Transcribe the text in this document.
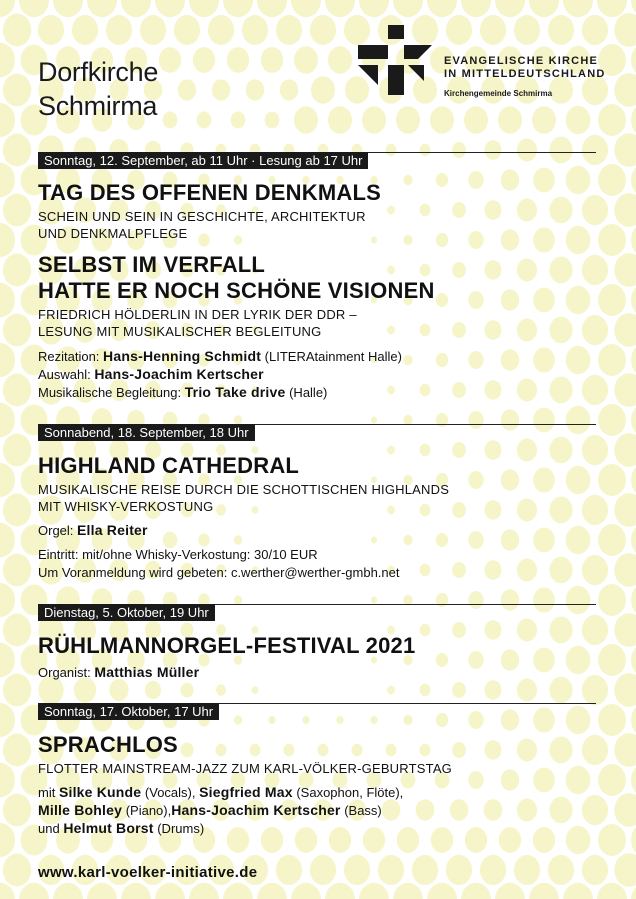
Dorfkirche
Schmirma
EVANGELISCHE KIRCHE
IN MITTELDEUTSCHLAND
Kirchengemeinde Schmirma
Sonntag, 12. September, ab 11 Uhr · Lesung ab 17 Uhr
TAG DES OFFENEN DENKMALS
SCHEIN UND SEIN IN GESCHICHTE, ARCHITEKTUR
UND DENKMALPFLEGE
SELBST IM VERFALL
HATTE ER NOCH SCHÖNE VISIONEN
FRIEDRICH HÖLDERLIN IN DER LYRIK DER DDR –
LESUNG MIT MUSIKALISCHER BEGLEITUNG
Rezitation: Hans-Henning Schmidt (LITERAtainment Halle)
Auswahl: Hans-Joachim Kertscher
Musikalische Begleitung: Trio Take drive (Halle)
Sonnabend, 18. September, 18 Uhr
HIGHLAND CATHEDRAL
MUSIKALISCHE REISE DURCH DIE SCHOTTISCHEN HIGHLANDS
MIT WHISKY-VERKOSTUNG
Orgel: Ella Reiter
Eintritt: mit/ohne Whisky-Verkostung: 30/10 EUR
Um Voranmeldung wird gebeten: c.werther@werther-gmbh.net
Dienstag, 5. Oktober, 19 Uhr
RÜHLMANNORGEL-FESTIVAL 2021
Organist: Matthias Müller
Sonntag, 17. Oktober, 17 Uhr
SPRACHLOS
FLOTTER MAINSTREAM-JAZZ ZUM KARL-VÖLKER-GEBURTSTAG
mit Silke Kunde (Vocals), Siegfried Max (Saxophon, Flöte),
Mille Bohley (Piano),Hans-Joachim Kertscher (Bass)
und Helmut Borst (Drums)
www.karl-voelker-initiative.de
